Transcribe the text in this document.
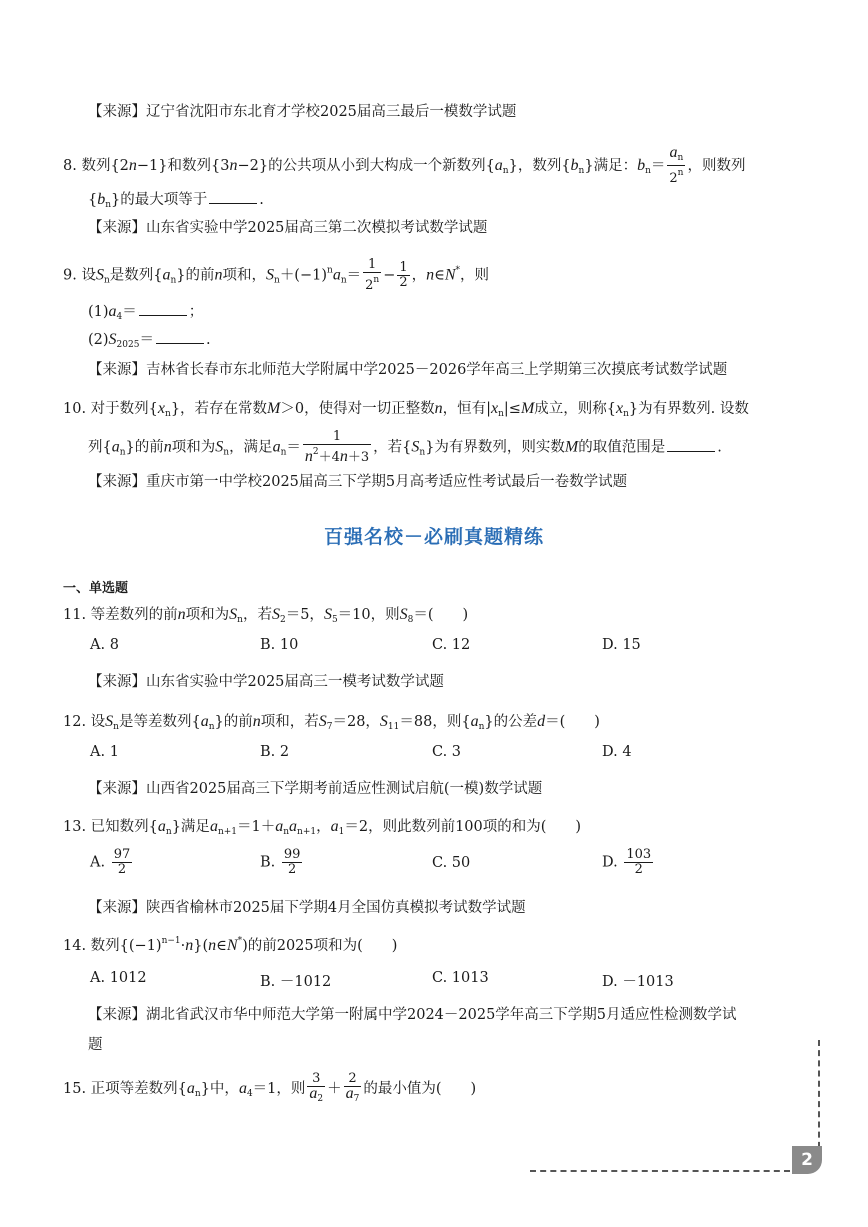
【来源】辽宁省沈阳市东北育才学校2025届高三最后一模数学试题
8. 数列{2n−1}和数列{3n−2}的公共项从小到大构成一个新数列$\{a_n\}$，数列$\{b_n\}$满足：$b_n= \frac{a_n}{2^n}$ ，则数列
$\{b_n\}$的最大项等于	.
【来源】山东省实验中学2025届高三第二次模拟考试数学试题
9. 设$S_n$是数列$\{a_n\}$的前n项和，$S_n+(-1)^na_n= \frac{1}{2^n} - \frac{1}{2}$ ，n∈N*，则
$(1)a_4=$	；
$(2)S_{2025}=$	.
【来源】吉林省长春市东北师范大学附属中学2025－2026学年高三上学期第三次摸底考试数学试题
10. 对于数列$\{x_n\}$，若存在常数M＞0，使得对一切正整数n，恒有$|x_n|\le M$成立，则称$\{x_n\}$为有界数列. 设数
列$\{a_n\}$的前n项和为$S_n$，满足$a_n= \frac{1}{n^2+4n+3}$ ，若$\{S_n\}$为有界数列，则实数M的取值范围是	.
【来源】重庆市第一中学校2025届高三下学期5月高考适应性考试最后一卷数学试题
百强名校－必刷真题精练
一、单选题
11. 等差数列的前n项和为$S_n$，若$S_2=5$，$S_5=10$，则$S_8=$(　　)
A. 8	B. 10	C. 12	D. 15
【来源】山东省实验中学2025届高三一模考试数学试题
12. 设$S_n$是等差数列$\{a_n\}$的前n项和，若$S_7=28$，$S_{11}=88$，则$\{a_n\}$的公差d＝(　　)
A. 1	B. 2	C. 3	D. 4
【来源】山西省2025届高三下学期考前适应性测试启航(一模)数学试题
13. 已知数列$\{a_n\}$满足$a_{n+1}=1+a_na_{n+1}$，$a_1=2$，则此数列前100项的和为(　　)
A. $\frac{97}{2}$	B. $\frac{99}{2}$	C. 50	D. $\frac{103}{2}$
【来源】陕西省榆林市2025届下学期4月全国仿真模拟考试数学试题
14. 数列$\{(-1)^{n-1}\cdot n\}(n\in N^*)$的前2025项和为(　　)
A. 1012	B. －1012	C. 1013	D. －1013
【来源】湖北省武汉市华中师范大学第一附属中学2024－2025学年高三下学期5月适应性检测数学试
题
15. 正项等差数列$\{a_n\}$中，$a_4=1$，则 $\frac{3}{a_2} + \frac{2}{a_7}$ 的最小值为(　　)
2
